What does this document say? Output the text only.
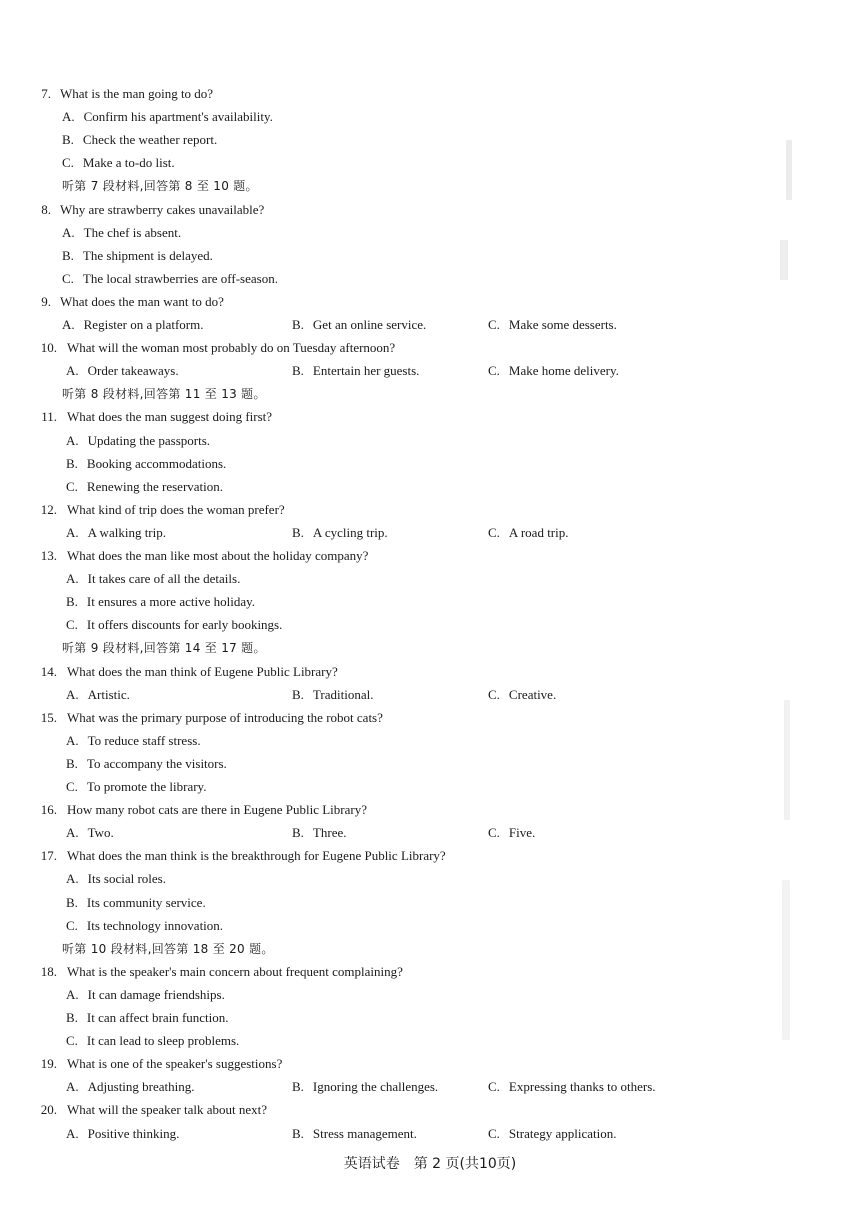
7. What is the man going to do?
A. Confirm his apartment's availability.
B. Check the weather report.
C. Make a to-do list.
听第 7 段材料,回答第 8 至 10 题。
8. Why are strawberry cakes unavailable?
A. The chef is absent.
B. The shipment is delayed.
C. The local strawberries are off-season.
9. What does the man want to do?
A. Register on a platform.	B. Get an online service.	C. Make some desserts.
10. What will the woman most probably do on Tuesday afternoon?
A. Order takeaways.	B. Entertain her guests.	C. Make home delivery.
听第 8 段材料,回答第 11 至 13 题。
11. What does the man suggest doing first?
A. Updating the passports.
B. Booking accommodations.
C. Renewing the reservation.
12. What kind of trip does the woman prefer?
A. A walking trip.	B. A cycling trip.	C. A road trip.
13. What does the man like most about the holiday company?
A. It takes care of all the details.
B. It ensures a more active holiday.
C. It offers discounts for early bookings.
听第 9 段材料,回答第 14 至 17 题。
14. What does the man think of Eugene Public Library?
A. Artistic.	B. Traditional.	C. Creative.
15. What was the primary purpose of introducing the robot cats?
A. To reduce staff stress.
B. To accompany the visitors.
C. To promote the library.
16. How many robot cats are there in Eugene Public Library?
A. Two.	B. Three.	C. Five.
17. What does the man think is the breakthrough for Eugene Public Library?
A. Its social roles.
B. Its community service.
C. Its technology innovation.
听第 10 段材料,回答第 18 至 20 题。
18. What is the speaker's main concern about frequent complaining?
A. It can damage friendships.
B. It can affect brain function.
C. It can lead to sleep problems.
19. What is one of the speaker's suggestions?
A. Adjusting breathing.	B. Ignoring the challenges.	C. Expressing thanks to others.
20. What will the speaker talk about next?
A. Positive thinking.	B. Stress management.	C. Strategy application.
英语试卷　第 2 页(共10页)
